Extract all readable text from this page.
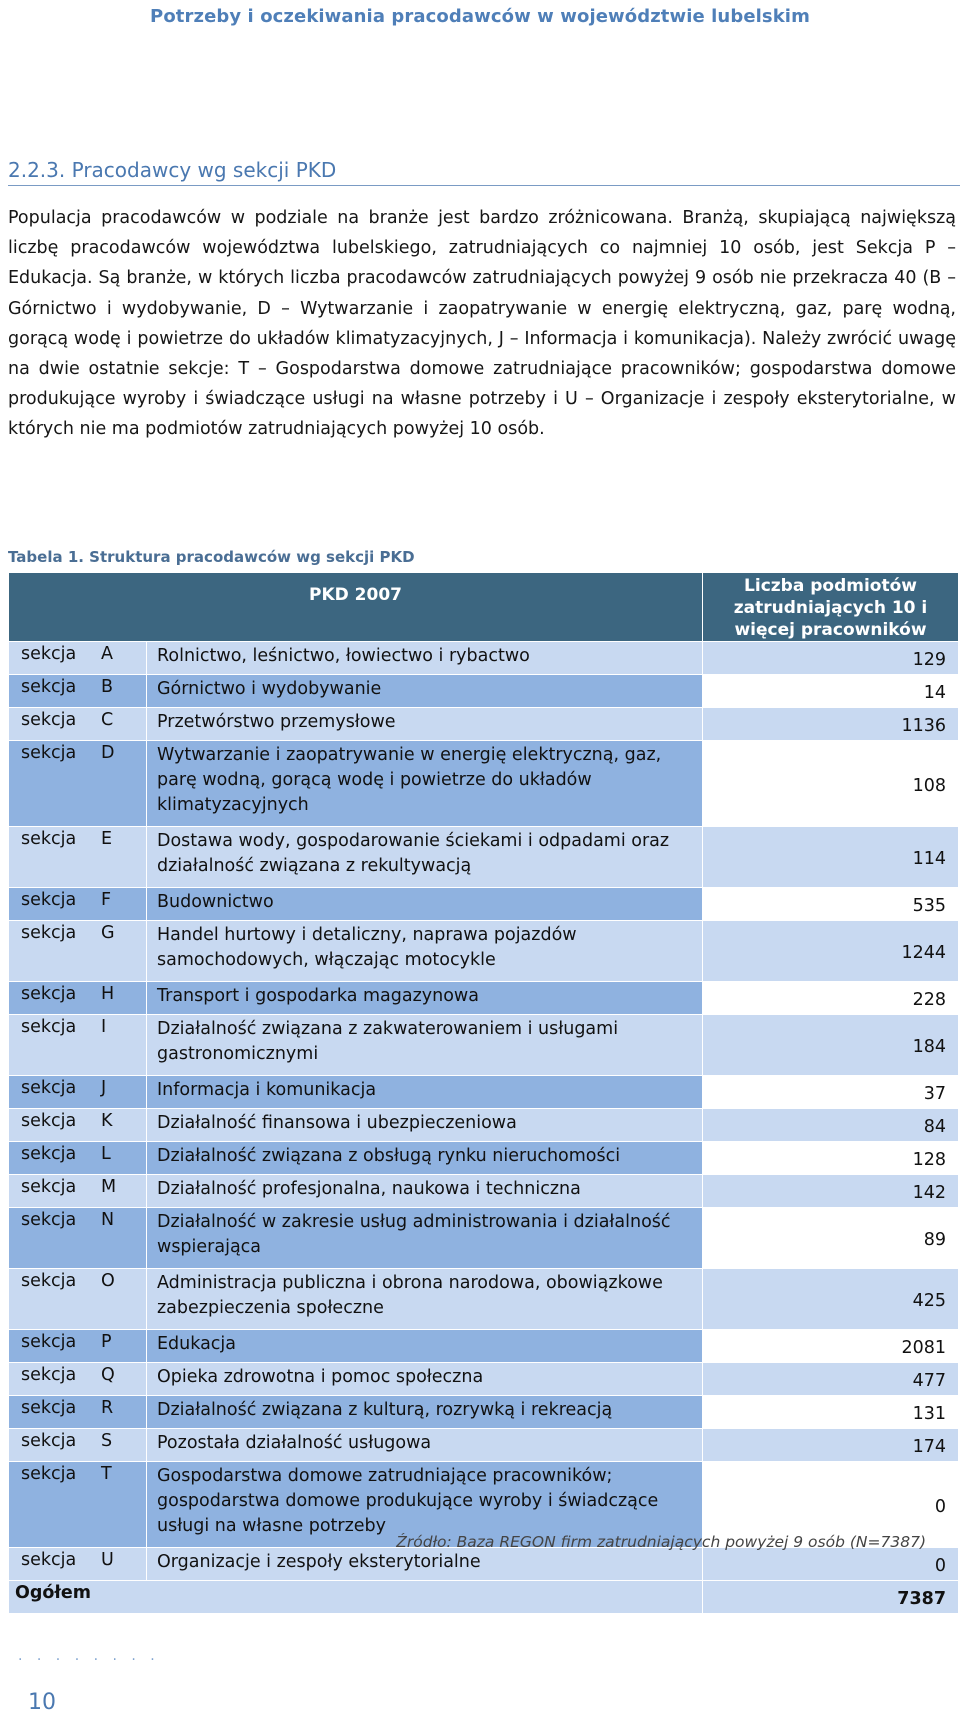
Potrzeby i oczekiwania pracodawców w województwie lubelskim
2.2.3. Pracodawcy wg sekcji PKD

Populacja pracodawców w podziale na branże jest bardzo zróżnicowana. Branżą, skupiającą największą liczbę pracodawców województwa lubelskiego, zatrudniających co najmniej 10 osób, jest Sekcja P – Edukacja. Są branże, w których liczba pracodawców zatrudniających powyżej 9 osób nie przekracza 40 (B – Górnictwo i wydobywanie, D – Wytwarzanie i zaopatrywanie w energię elektryczną, gaz, parę wodną, gorącą wodę i powietrze do układów klimatyzacyjnych, J – Informacja i komunikacja). Należy zwrócić uwagę na dwie ostatnie sekcje: T – Gospodarstwa domowe zatrudniające pracowników; gospodarstwa domowe produkujące wyroby i świadczące usługi na własne potrzeby i U – Organizacje i zespoły eksterytorialne, w których nie ma podmiotów zatrudniających powyżej 10 osób.

Tabela 1. Struktura pracodawców wg sekcji PKD
PKD 2007		Liczba podmiotów zatrudniających 10 i więcej pracowników
sekcja A	Rolnictwo, leśnictwo, łowiectwo i rybactwo	129
sekcja B	Górnictwo i wydobywanie	14
sekcja C	Przetwórstwo przemysłowe	1136
sekcja D	Wytwarzanie i zaopatrywanie w energię elektryczną, gaz, parę wodną, gorącą wodę i powietrze do układów klimatyzacyjnych	108
sekcja E	Dostawa wody, gospodarowanie ściekami i odpadami oraz działalność związana z rekultywacją	114
sekcja F	Budownictwo	535
sekcja G	Handel hurtowy i detaliczny, naprawa pojazdów samochodowych, włączając motocykle	1244
sekcja H	Transport i gospodarka magazynowa	228
sekcja I	Działalność związana z zakwaterowaniem i usługami gastronomicznymi	184
sekcja J	Informacja i komunikacja	37
sekcja K	Działalność finansowa i ubezpieczeniowa	84
sekcja L	Działalność związana z obsługą rynku nieruchomości	128
sekcja M	Działalność profesjonalna, naukowa i techniczna	142
sekcja N	Działalność w zakresie usług administrowania i działalność wspierająca	89
sekcja O	Administracja publiczna i obrona narodowa, obowiązkowe zabezpieczenia społeczne	425
sekcja P	Edukacja	2081
sekcja Q	Opieka zdrowotna i pomoc społeczna	477
sekcja R	Działalność związana z kulturą, rozrywką i rekreacją	131
sekcja S	Pozostała działalność usługowa	174
sekcja T	Gospodarstwa domowe zatrudniające pracowników; gospodarstwa domowe produkujące wyroby i świadczące usługi na własne potrzeby	0
sekcja U	Organizacje i zespoły eksterytorialne	0
Ogółem		7387
Źródło: Baza REGON firm zatrudniających powyżej 9 osób (N=7387)
· · · · · · · ·
10
